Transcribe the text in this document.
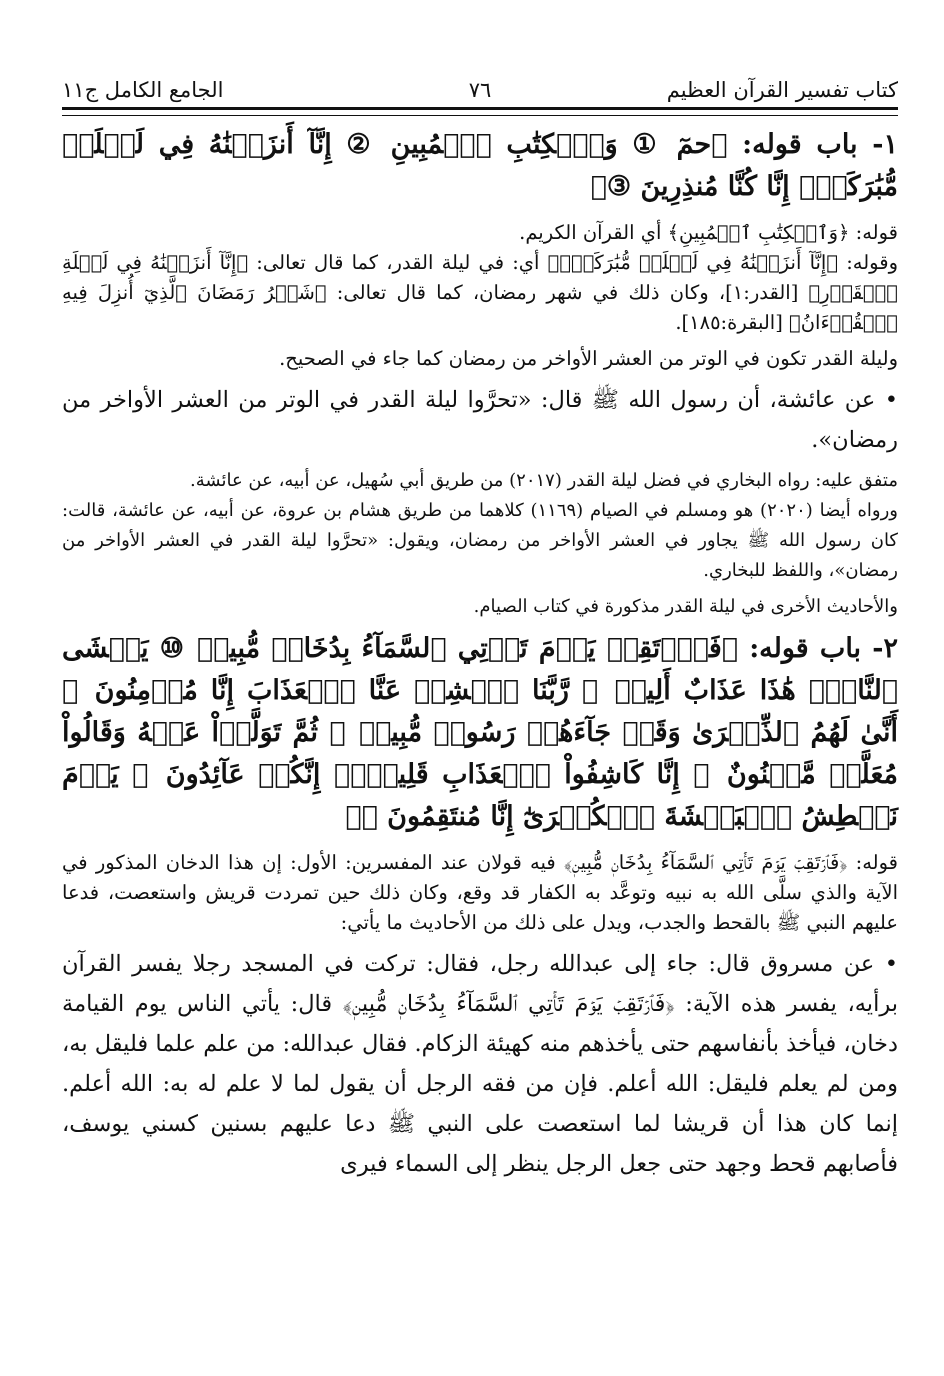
كتاب تفسير القرآن العظيم
٧٦
الجامع الكامل ج١١
١- باب قوله: ﴿حمٓ ① وَٱلۡكِتَٰبِ ٱلۡمُبِينِ ② إِنَّآ أَنزَلۡنَٰهُ فِي لَيۡلَةٖ مُّبَٰرَكَةٍۚ إِنَّا كُنَّا مُنذِرِينَ ③﴾

قوله: ﴿وَٱلۡكِتَٰبِ ٱلۡمُبِينِ﴾ أي القرآن الكريم.

وقوله: ﴿إِنَّآ أَنزَلۡنَٰهُ فِي لَيۡلَةٖ مُّبَٰرَكَةٍۚ﴾ أي: في ليلة القدر، كما قال تعالى: ﴿إِنَّآ أَنزَلۡنَٰهُ فِي لَيۡلَةِ ٱلۡقَدۡرِ﴾ [القدر:١]، وكان ذلك في شهر رمضان، كما قال تعالى: ﴿شَهۡرُ رَمَضَانَ ٱلَّذِيٓ أُنزِلَ فِيهِ ٱلۡقُرۡءَانُ﴾ [البقرة:١٨٥].

وليلة القدر تكون في الوتر من العشر الأواخر من رمضان كما جاء في الصحيح.

• عن عائشة، أن رسول الله ﷺ قال: «تحرَّوا ليلة القدر في الوتر من العشر الأواخر من رمضان».

متفق عليه: رواه البخاري في فضل ليلة القدر (٢٠١٧) من طريق أبي سُهيل، عن أبيه، عن عائشة.

ورواه أيضا (٢٠٢٠) هو ومسلم في الصيام (١١٦٩) كلاهما من طريق هشام بن عروة، عن أبيه، عن عائشة، قالت: كان رسول الله ﷺ يجاور في العشر الأواخر من رمضان، ويقول: «تحرَّوا ليلة القدر في العشر الأواخر من رمضان»، واللفظ للبخاري.

والأحاديث الأخرى في ليلة القدر مذكورة في كتاب الصيام.

٢- باب قوله: ﴿فَٱرۡتَقِبۡ يَوۡمَ تَأۡتِي ٱلسَّمَآءُ بِدُخَانٖ مُّبِينٖ ⑩ يَغۡشَى ٱلنَّاسَۖ هَٰذَا عَذَابٌ أَلِيمٞ ⑪ رَّبَّنَا ٱكۡشِفۡ عَنَّا ٱلۡعَذَابَ إِنَّا مُؤۡمِنُونَ ⑫ أَنَّىٰ لَهُمُ ٱلذِّكۡرَىٰ وَقَدۡ جَآءَهُمۡ رَسُولٞ مُّبِينٞ ⑬ ثُمَّ تَوَلَّوۡاْ عَنۡهُ وَقَالُواْ مُعَلَّمٞ مَّجۡنُونٌ ⑭ إِنَّا كَاشِفُواْ ٱلۡعَذَابِ قَلِيلًاۚ إِنَّكُمۡ عَآئِدُونَ ⑮ يَوۡمَ نَبۡطِشُ ٱلۡبَطۡشَةَ ٱلۡكُبۡرَىٰٓ إِنَّا مُنتَقِمُونَ ⑯﴾

قوله: ﴿فَٱرۡتَقِبۡ يَوۡمَ تَأۡتِي ٱلسَّمَآءُ بِدُخَانٖ مُّبِينٖ﴾ فيه قولان عند المفسرين: الأول: إن هذا الدخان المذكور في الآية والذي سلَّى الله به نبيه وتوعَّد به الكفار قد وقع، وكان ذلك حين تمردت قريش واستعصت، فدعا عليهم النبي ﷺ بالقحط والجدب، ويدل على ذلك من الأحاديث ما يأتي:

• عن مسروق قال: جاء إلى عبدالله رجل، فقال: تركت في المسجد رجلا يفسر القرآن برأيه، يفسر هذه الآية: ﴿فَٱرۡتَقِبۡ يَوۡمَ تَأۡتِي ٱلسَّمَآءُ بِدُخَانٖ مُّبِينٖ﴾ قال: يأتي الناس يوم القيامة دخان، فيأخذ بأنفاسهم حتى يأخذهم منه كهيئة الزكام. فقال عبدالله: من علم علما فليقل به، ومن لم يعلم فليقل: الله أعلم. فإن من فقه الرجل أن يقول لما لا علم له به: الله أعلم. إنما كان هذا أن قريشا لما استعصت على النبي ﷺ دعا عليهم بسنين كسني يوسف، فأصابهم قحط وجهد حتى جعل الرجل ينظر إلى السماء فيرى
